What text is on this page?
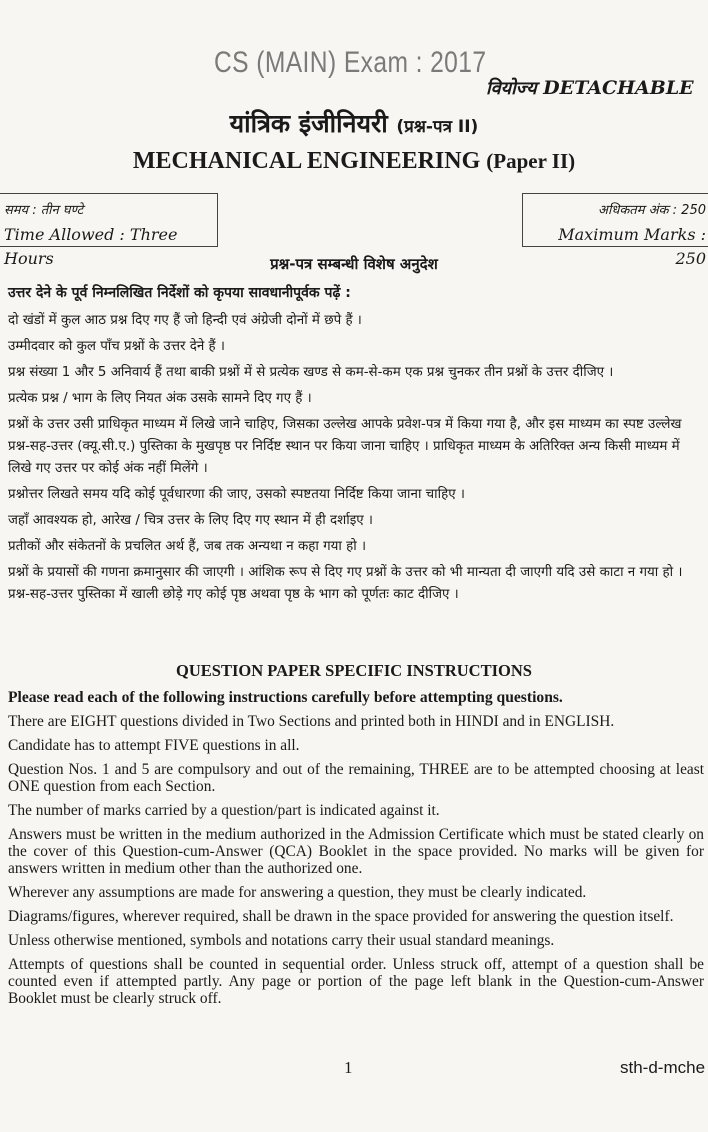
CS (MAIN) Exam : 2017
वियोज्य DETACHABLE
यांत्रिक इंजीनियरी (प्रश्न-पत्र II)
MECHANICAL ENGINEERING (Paper II)
समय : तीन घण्टे
Time Allowed : Three Hours
अधिकतम अंक : 250
Maximum Marks : 250
प्रश्न-पत्र सम्बन्धी विशेष अनुदेश

उत्तर देने के पूर्व निम्नलिखित निर्देशों को कृपया सावधानीपूर्वक पढ़ें :

दो खंडों में कुल आठ प्रश्न दिए गए हैं जो हिन्दी एवं अंग्रेजी दोनों में छपे हैं ।

उम्मीदवार को कुल पाँच प्रश्नों के उत्तर देने हैं ।

प्रश्न संख्या 1 और 5 अनिवार्य हैं तथा बाकी प्रश्नों में से प्रत्येक खण्ड से कम-से-कम एक प्रश्न चुनकर तीन प्रश्नों के उत्तर दीजिए ।

प्रत्येक प्रश्न / भाग के लिए नियत अंक उसके सामने दिए गए हैं ।

प्रश्नों के उत्तर उसी प्राधिकृत माध्यम में लिखे जाने चाहिए, जिसका उल्लेख आपके प्रवेश-पत्र में किया गया है, और इस माध्यम का स्पष्ट उल्लेख प्रश्न-सह-उत्तर (क्यू.सी.ए.) पुस्तिका के मुखपृष्ठ पर निर्दिष्ट स्थान पर किया जाना चाहिए । प्राधिकृत माध्यम के अतिरिक्त अन्य किसी माध्यम में लिखे गए उत्तर पर कोई अंक नहीं मिलेंगे ।

प्रश्नोत्तर लिखते समय यदि कोई पूर्वधारणा की जाए, उसको स्पष्टतया निर्दिष्ट किया जाना चाहिए ।

जहाँ आवश्यक हो, आरेख / चित्र उत्तर के लिए दिए गए स्थान में ही दर्शाइए ।

प्रतीकों और संकेतनों के प्रचलित अर्थ हैं, जब तक अन्यथा न कहा गया हो ।

प्रश्नों के प्रयासों की गणना क्रमानुसार की जाएगी । आंशिक रूप से दिए गए प्रश्नों के उत्तर को भी मान्यता दी जाएगी यदि उसे काटा न गया हो । प्रश्न-सह-उत्तर पुस्तिका में खाली छोड़े गए कोई पृष्ठ अथवा पृष्ठ के भाग को पूर्णतः काट दीजिए ।

QUESTION PAPER SPECIFIC INSTRUCTIONS

Please read each of the following instructions carefully before attempting questions.

There are EIGHT questions divided in Two Sections and printed both in HINDI and in ENGLISH.

Candidate has to attempt FIVE questions in all.

Question Nos. 1 and 5 are compulsory and out of the remaining, THREE are to be attempted choosing at least ONE question from each Section.

The number of marks carried by a question/part is indicated against it.

Answers must be written in the medium authorized in the Admission Certificate which must be stated clearly on the cover of this Question-cum-Answer (QCA) Booklet in the space provided. No marks will be given for answers written in medium other than the authorized one.

Wherever any assumptions are made for answering a question, they must be clearly indicated.

Diagrams/figures, wherever required, shall be drawn in the space provided for answering the question itself.

Unless otherwise mentioned, symbols and notations carry their usual standard meanings.

Attempts of questions shall be counted in sequential order. Unless struck off, attempt of a question shall be counted even if attempted partly. Any page or portion of the page left blank in the Question-cum-Answer Booklet must be clearly struck off.

1	sth-d-mche
